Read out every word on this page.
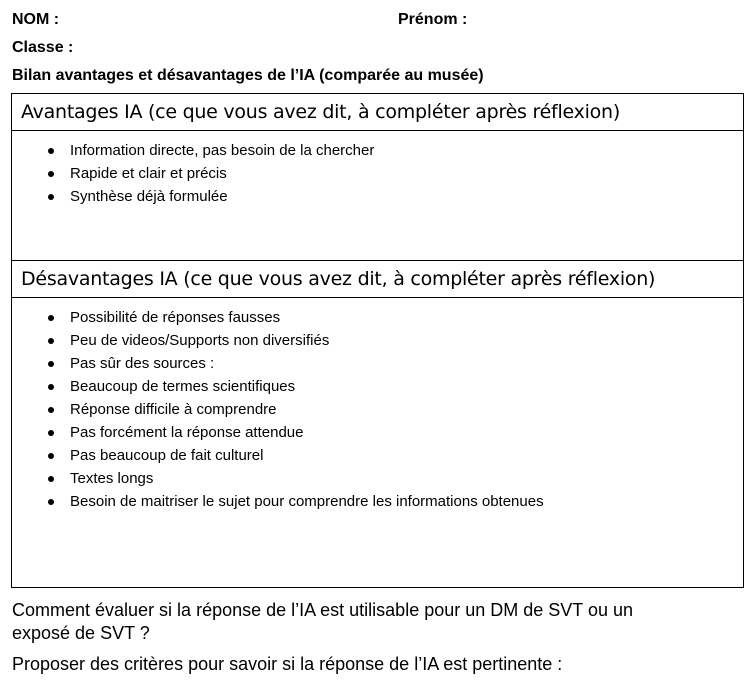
NOM :	Prénom :
Classe :
Bilan avantages et désavantages de l’IA (comparée au musée)
Avantages IA (ce que vous avez dit, à compléter après réflexion)
Information directe, pas besoin de la chercher
Rapide et clair et précis
Synthèse déjà formulée
Désavantages IA (ce que vous avez dit, à compléter après réflexion)
Possibilité de réponses fausses
Peu de videos/Supports non diversifiés
Pas sûr des sources :
Beaucoup de termes scientifiques
Réponse difficile à comprendre
Pas forcément la réponse attendue
Pas beaucoup de fait culturel
Textes longs
Besoin de maitriser le sujet pour comprendre les informations obtenues
Comment évaluer si la réponse de l’IA est utilisable pour un DM de SVT ou un
exposé de SVT ?
Proposer des critères pour savoir si la réponse de l’IA est pertinente :
